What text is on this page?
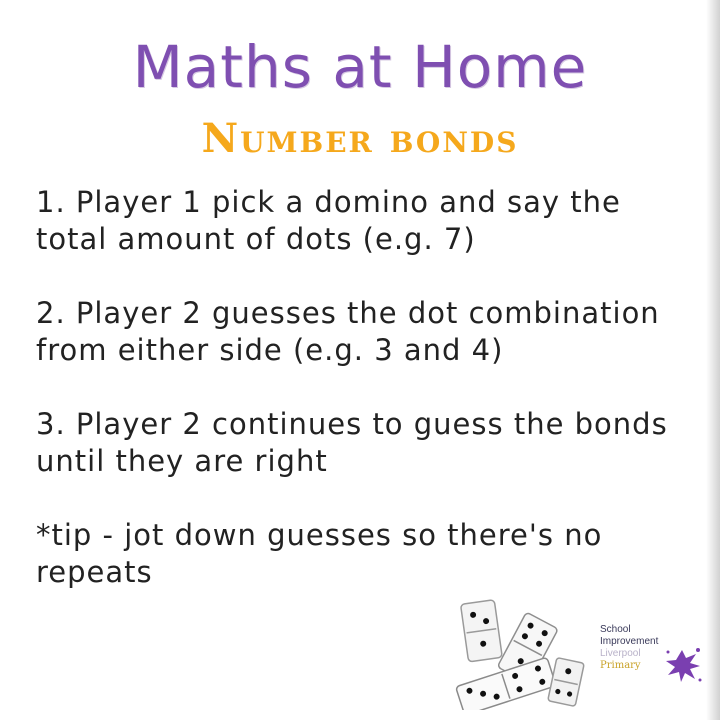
Maths at Home
Number bonds

1. Player 1 pick a domino and say the total amount of dots (e.g. 7)

2. Player 2 guesses the dot combination from either side (e.g. 3 and 4)

3. Player 2 continues to guess the bonds until they are right

*tip - jot down guesses so there's no repeats

School
Improvement
Liverpool
Primary
